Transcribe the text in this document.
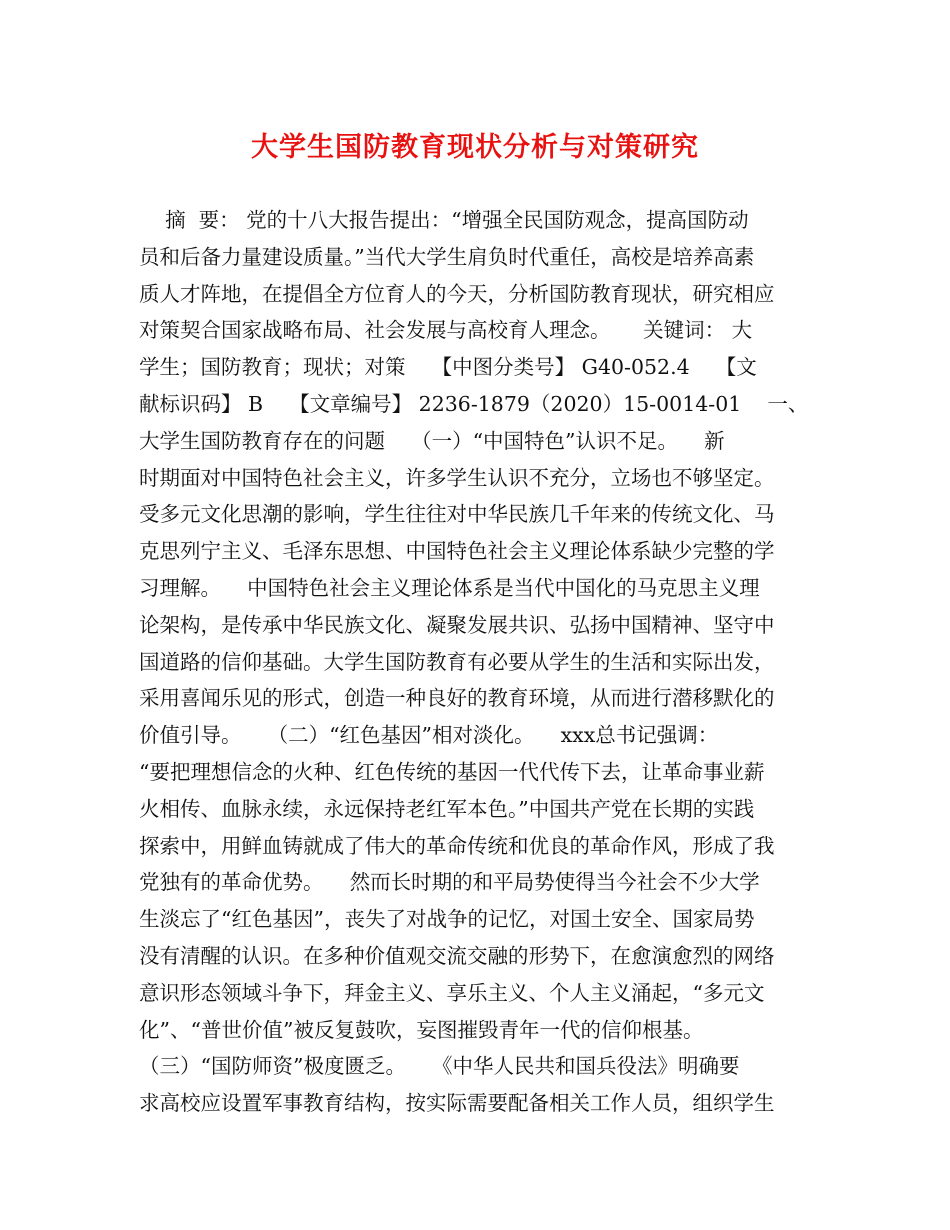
大学生国防教育现状分析与对策研究
摘  要： 党的十八大报告提出：“增强全民国防观念，提高国防动
员和后备力量建设质量。”当代大学生肩负时代重任，高校是培养高素
质人才阵地，在提倡全方位育人的今天，分析国防教育现状，研究相应
对策契合国家战略布局、社会发展与高校育人理念。     关键词： 大
学生；国防教育；现状；对策    【中图分类号】 G40-052.4    【文
献标识码】 B    【文章编号】 2236-1879（2020）15-0014-01    一、
大学生国防教育存在的问题    （一）“中国特色”认识不足。    新
时期面对中国特色社会主义，许多学生认识不充分，立场也不够坚定。
受多元文化思潮的影响，学生往往对中华民族几千年来的传统文化、马
克思列宁主义、毛泽东思想、中国特色社会主义理论体系缺少完整的学
习理解。    中国特色社会主义理论体系是当代中国化的马克思主义理
论架构，是传承中华民族文化、凝聚发展共识、弘扬中国精神、坚守中
国道路的信仰基础。大学生国防教育有必要从学生的生活和实际出发，
采用喜闻乐见的形式，创造一种良好的教育环境，从而进行潜移默化的
价值引导。    （二）“红色基因”相对淡化。    xxx总书记强调：
“要把理想信念的火种、红色传统的基因一代代传下去，让革命事业薪
火相传、血脉永续，永远保持老红军本色。”中国共产党在长期的实践
探索中，用鲜血铸就成了伟大的革命传统和优良的革命作风，形成了我
党独有的革命优势。    然而长时期的和平局势使得当今社会不少大学
生淡忘了“红色基因”，丧失了对战争的记忆，对国土安全、国家局势
没有清醒的认识。在多种价值观交流交融的形势下，在愈演愈烈的网络
意识形态领域斗争下，拜金主义、享乐主义、个人主义涌起，“多元文
化”、“普世价值”被反复鼓吹，妄图摧毁青年一代的信仰根基。
（三）“国防师资”极度匮乏。    《中华人民共和国兵役法》明确要
求高校应设置军事教育结构，按实际需要配备相关工作人员，组织学生
